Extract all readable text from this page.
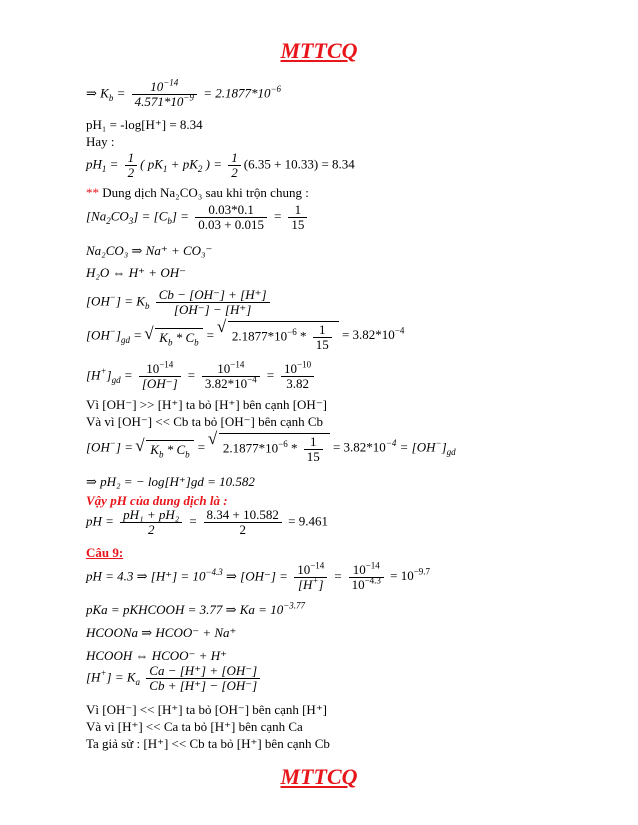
MTTCQ
⇒ $K_b = \frac{10^{-14}}{4.571*10^{-9}} = 2.1877*10^{-6}$
pH₁ = -log[H⁺] = 8.34
Hay :
$pH_1 = \frac{1}{2}$ ( $pK_1 + pK_2$ ) = $\frac{1}{2} (6.35 + 10.33) = 8.34$
** Dung dịch Na₂CO₃ sau khi trộn chung :
$[Na_2CO_3] = [C_b] = \frac{0.03*0.1}{0.03 + 0.015} = \frac{1}{15}$
Na₂CO₃ ⇒ Na⁺ + CO₃⁻
H₂O ⇔ H⁺ + OH⁻
$[OH^-] = K_b \frac{Cb - [OH^-] + [H^+]}{[OH^-] - [H^+]}$
$[OH^-]_{gd}$ = √ $K_b * C_b$ = √ $2.1877*10^{-6} * \frac{1}{15} = 3.82*10^{-4}$
$[H^+]_{gd} = \frac{10^{-14}}{[OH^-]} = \frac{10^{-14}}{3.82*10^{-4}} = \frac{10^{-10}}{3.82}$
Vì [OH⁻] >> [H⁺] ta bỏ [H⁺] bên cạnh [OH⁻]
Và vì [OH⁻] << Cb ta bỏ [OH⁻] bên cạnh Cb
[OH−] = √ $K_b * C_b$ = √ $2.1877*10^{-6} * \frac{1}{15} = 3.82*10^{-4} = [OH^-]_{gd}$
⇒ pH₂ = − log[H⁺]gd = 10.582
Vậy pH của dung dịch là :
pH = $\frac{\text{pH₁ + pH₂}}{2} = \frac{8.34 + 10.582}{2} = 9.461$
Câu 9:
pH = 4.3 ⇒ $[H^+] = 10^{-4.3}$ ⇒ $[OH^-] = \frac{10^{-14}}{[H^+]} = \frac{10^{-14}}{10^{-4.3}} = 10^{-9.7}$
pKa = pKHCOOH = 3.77 ⇒ $Ka = 10^{-3.77}$
HCOONa ⇒ HCOO⁻ + Na⁺
HCOOH ⇔ HCOO⁻ + H⁺
$[H^+] = K_a \frac{Ca - [H^+] + [OH^-]}{Cb + [H^+] - [OH^-]}$
Vì [OH⁻] << [H⁺] ta bỏ [OH⁻] bên cạnh [H⁺]
Và vì [H⁺] << Ca ta bỏ [H⁺] bên cạnh Ca
Ta giả sử : [H⁺] << Cb ta bỏ [H⁺] bên cạnh Cb
MTTCQ
